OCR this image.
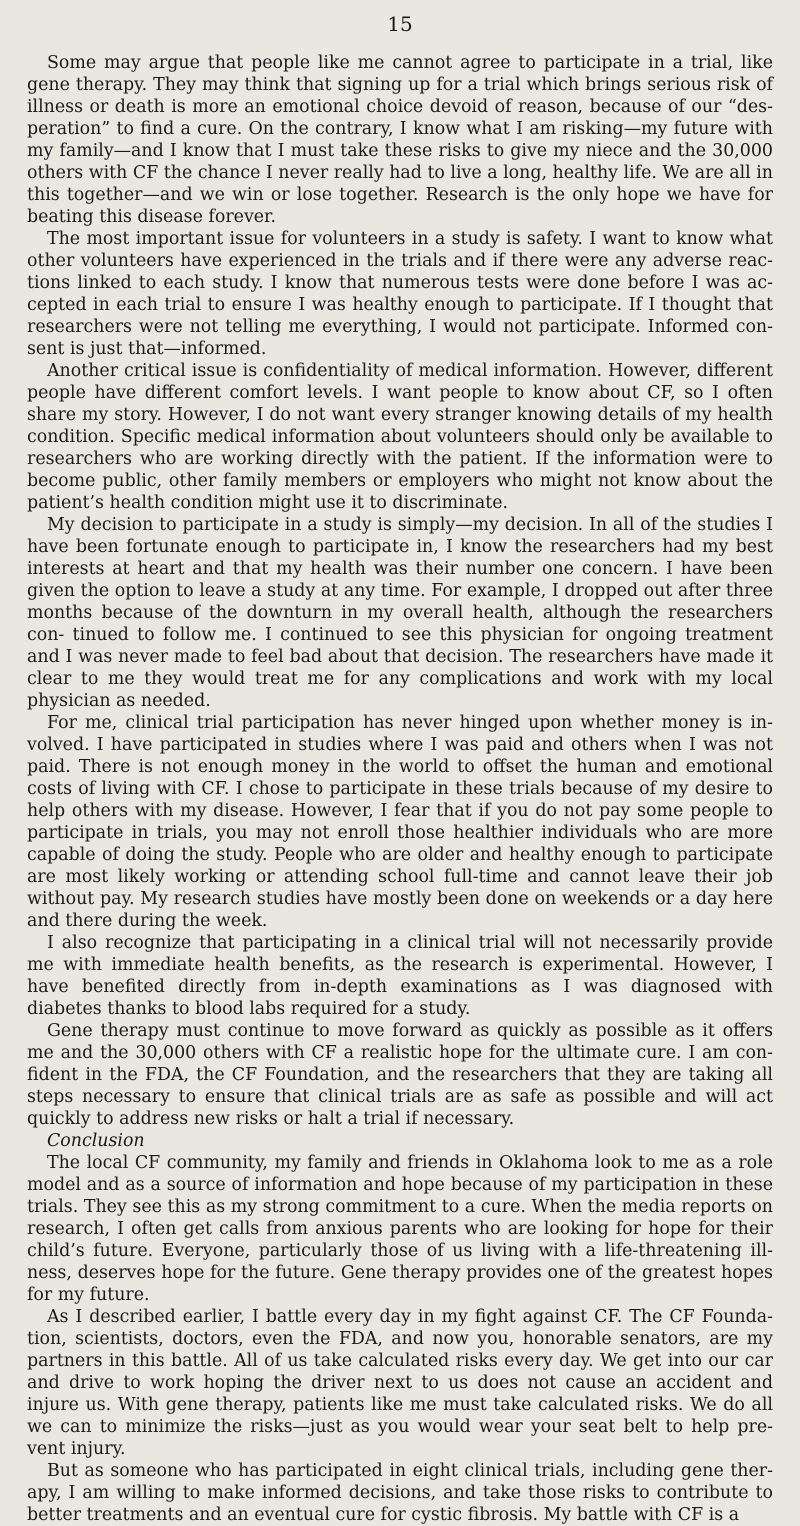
15

Some may argue that people like me cannot agree to participate in a trial, like gene therapy. They may think that signing up for a trial which brings serious risk of illness or death is more an emotional choice devoid of reason, because of our “des- peration” to find a cure. On the contrary, I know what I am risking—my future with my family—and I know that I must take these risks to give my niece and the 30,000 others with CF the chance I never really had to live a long, healthy life. We are all in this together—and we win or lose together. Research is the only hope we have for beating this disease forever.

The most important issue for volunteers in a study is safety. I want to know what other volunteers have experienced in the trials and if there were any adverse reac- tions linked to each study. I know that numerous tests were done before I was ac- cepted in each trial to ensure I was healthy enough to participate. If I thought that researchers were not telling me everything, I would not participate. Informed con- sent is just that—informed.

Another critical issue is confidentiality of medical information. However, different people have different comfort levels. I want people to know about CF, so I often share my story. However, I do not want every stranger knowing details of my health condition. Specific medical information about volunteers should only be available to researchers who are working directly with the patient. If the information were to become public, other family members or employers who might not know about the patient’s health condition might use it to discriminate.

My decision to participate in a study is simply—my decision. In all of the studies I have been fortunate enough to participate in, I know the researchers had my best interests at heart and that my health was their number one concern. I have been given the option to leave a study at any time. For example, I dropped out after three months because of the downturn in my overall health, although the researchers con- tinued to follow me. I continued to see this physician for ongoing treatment and I was never made to feel bad about that decision. The researchers have made it clear to me they would treat me for any complications and work with my local physician as needed.

For me, clinical trial participation has never hinged upon whether money is in- volved. I have participated in studies where I was paid and others when I was not paid. There is not enough money in the world to offset the human and emotional costs of living with CF. I chose to participate in these trials because of my desire to help others with my disease. However, I fear that if you do not pay some people to participate in trials, you may not enroll those healthier individuals who are more capable of doing the study. People who are older and healthy enough to participate are most likely working or attending school full-time and cannot leave their job without pay. My research studies have mostly been done on weekends or a day here and there during the week.

I also recognize that participating in a clinical trial will not necessarily provide me with immediate health benefits, as the research is experimental. However, I have benefited directly from in-depth examinations as I was diagnosed with diabetes thanks to blood labs required for a study.

Gene therapy must continue to move forward as quickly as possible as it offers me and the 30,000 others with CF a realistic hope for the ultimate cure. I am con- fident in the FDA, the CF Foundation, and the researchers that they are taking all steps necessary to ensure that clinical trials are as safe as possible and will act quickly to address new risks or halt a trial if necessary.

Conclusion

The local CF community, my family and friends in Oklahoma look to me as a role model and as a source of information and hope because of my participation in these trials. They see this as my strong commitment to a cure. When the media reports on research, I often get calls from anxious parents who are looking for hope for their child’s future. Everyone, particularly those of us living with a life-threatening ill- ness, deserves hope for the future. Gene therapy provides one of the greatest hopes for my future.

As I described earlier, I battle every day in my fight against CF. The CF Founda- tion, scientists, doctors, even the FDA, and now you, honorable senators, are my partners in this battle. All of us take calculated risks every day. We get into our car and drive to work hoping the driver next to us does not cause an accident and injure us. With gene therapy, patients like me must take calculated risks. We do all we can to minimize the risks—just as you would wear your seat belt to help pre- vent injury.

But as someone who has participated in eight clinical trials, including gene ther- apy, I am willing to make informed decisions, and take those risks to contribute to better treatments and an eventual cure for cystic fibrosis. My battle with CF is a
